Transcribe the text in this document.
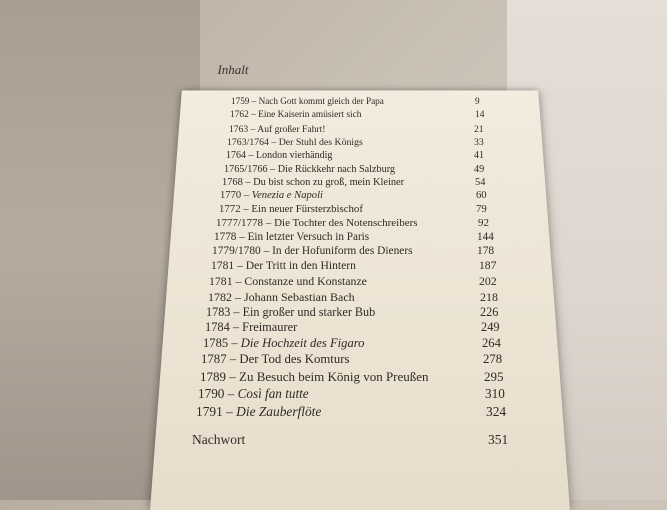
Inhalt
1759 – Nach Gott kommt gleich der Papa	9
1762 – Eine Kaiserin amüsiert sich	14
1763 – Auf großer Fahrt!	21
1763/1764 – Der Stuhl des Königs	33
1764 – London vierhändig	41
1765/1766 – Die Rückkehr nach Salzburg	49
1768 – Du bist schon zu groß, mein Kleiner	54
1770 – Venezia e Napoli	60
1772 – Ein neuer Fürsterzbischof	79
1777/1778 – Die Tochter des Notenschreibers	92
1778 – Ein letzter Versuch in Paris	144
1779/1780 – In der Hofuniform des Dieners	178
1781 – Der Tritt in den Hintern	187
1781 – Constanze und Konstanze	202
1782 – Johann Sebastian Bach	218
1783 – Ein großer und starker Bub	226
1784 – Freimaurer	249
1785 – Die Hochzeit des Figaro	264
1787 – Der Tod des Komturs	278
1789 – Zu Besuch beim König von Preußen	295
1790 – Così fan tutte	310
1791 – Die Zauberflöte	324
Nachwort	351
